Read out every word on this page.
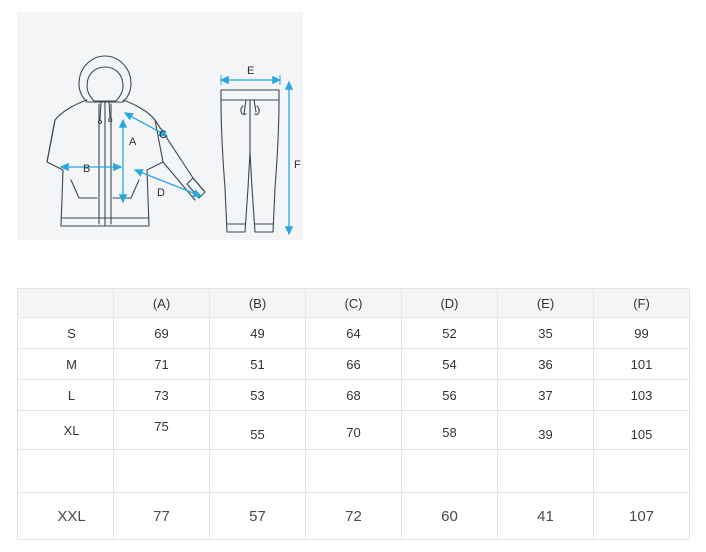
A
B
C
D
E
F
	(A)	(B)	(C)	(D)	(E)	(F)
S	69	49	64	52	35	99
M	71	51	66	54	36	101
L	73	53	68	56	37	103
XL	75	55	70	58	39	105

XXL	77	57	72	60	41	107
